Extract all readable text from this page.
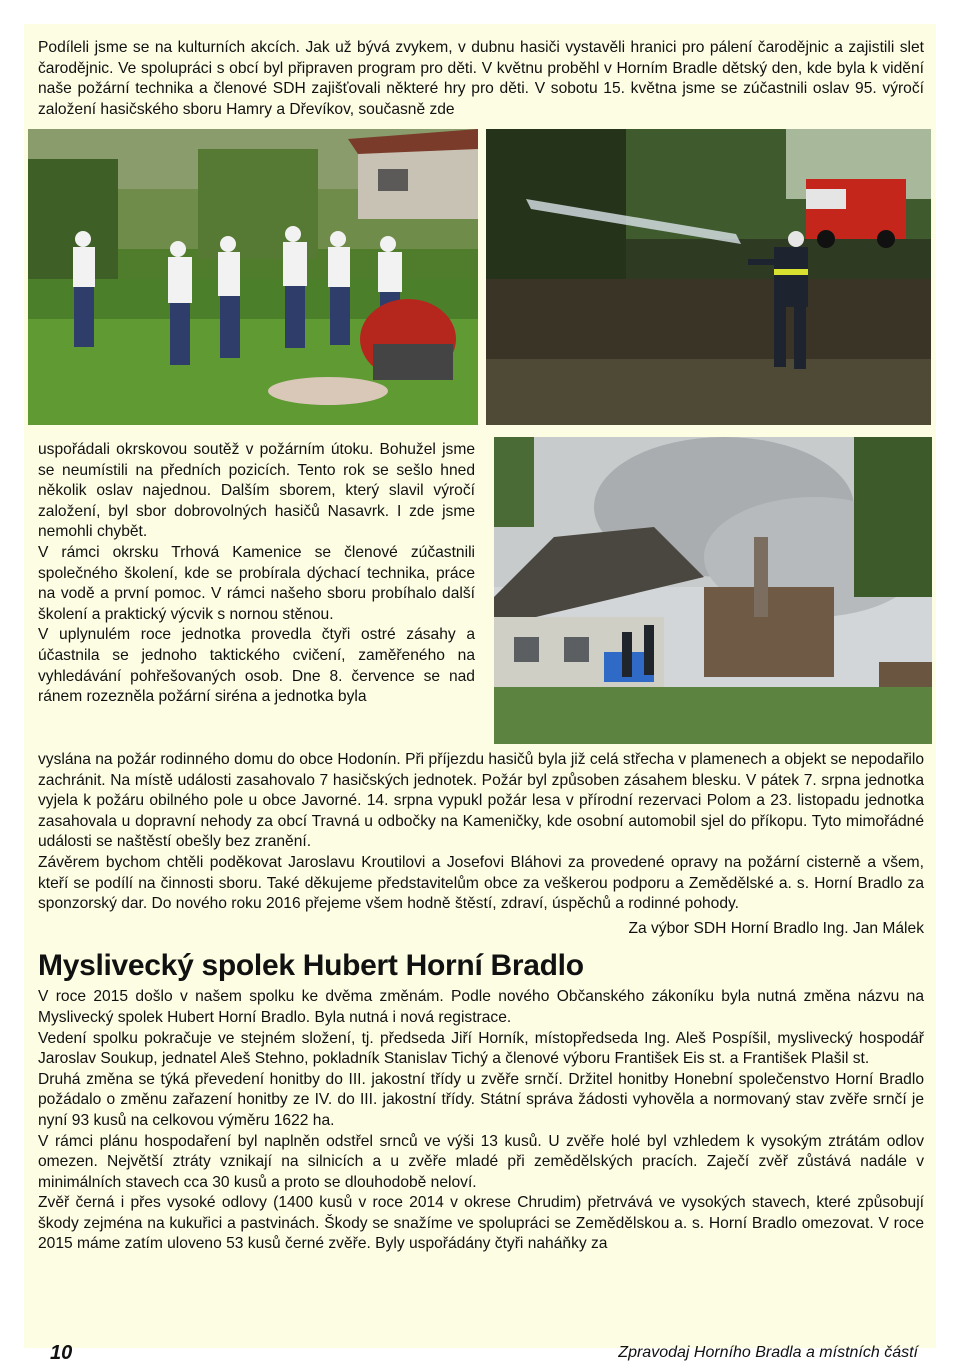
Podíleli jsme se na kulturních akcích. Jak už bývá zvykem, v dubnu hasiči vystavěli hranici pro pálení čarodějnic a zajistili slet čarodějnic. Ve spolupráci s obcí byl připraven program pro děti. V květnu proběhl v Horním Bradle dětský den, kde byla k vidění naše požární technika a členové SDH zajišťovali některé hry pro děti. V sobotu 15. května jsme se zúčastnili oslav 95. výročí založení hasičského sboru Hamry a Dřevíkov, současně zde

uspořádali okrskovou soutěž v požárním útoku. Bohužel jsme se neumístili na předních pozicích. Tento rok se sešlo hned několik oslav najednou. Dalším sborem, který slavil výročí založení, byl sbor dobrovolných hasičů Nasavrk. I zde jsme nemohli chybět.

V rámci okrsku Trhová Kamenice se členové zúčastnili společného školení, kde se probírala dýchací technika, práce na vodě a první pomoc. V rámci našeho sboru probíhalo další školení a praktický výcvik s nornou stěnou.

V uplynulém roce jednotka provedla čtyři ostré zásahy a účastnila se jednoho taktického cvičení, zaměřeného na vyhledávání pohřešovaných osob. Dne 8. července se nad ránem rozezněla požární siréna a jednotka byla

vyslána na požár rodinného domu do obce Hodonín. Při příjezdu hasičů byla již celá střecha v plamenech a objekt se nepodařilo zachránit. Na místě události zasahovalo 7 hasičských jednotek. Požár byl způsoben zásahem blesku. V pátek 7. srpna jednotka vyjela k požáru obilného pole u obce Javorné. 14. srpna vypukl požár lesa v přírodní rezervaci Polom a 23. listopadu jednotka zasahovala u dopravní nehody za obcí Travná u odbočky na Kameničky, kde osobní automobil sjel do příkopu. Tyto mimořádné události se naštěstí obešly bez zranění.

Závěrem bychom chtěli poděkovat Jaroslavu Kroutilovi a Josefovi Bláhovi za provedené opravy na požární cisterně a všem, kteří se podílí na činnosti sboru. Také děkujeme představitelům obce za veškerou podporu a Zemědělské a. s. Horní Bradlo za sponzorský dar. Do nového roku 2016 přejeme všem hodně štěstí, zdraví, úspěchů a rodinné pohody.

Za výbor SDH Horní Bradlo Ing. Jan Málek

Myslivecký spolek Hubert Horní Bradlo

V roce 2015 došlo v našem spolku ke dvěma změnám. Podle nového Občanského zákoníku byla nutná změna názvu na Myslivecký spolek Hubert Horní Bradlo. Byla nutná i nová registrace.

Vedení spolku pokračuje ve stejném složení, tj. předseda Jiří Horník, místopředseda Ing. Aleš Pospíšil, myslivecký hospodář Jaroslav Soukup, jednatel Aleš Stehno, pokladník Stanislav Tichý a členové výboru František Eis st. a František Plašil st.

Druhá změna se týká převedení honitby do III. jakostní třídy u zvěře srnčí. Držitel honitby Honební společenstvo Horní Bradlo požádalo o změnu zařazení honitby ze IV. do III. jakostní třídy. Státní správa žádosti vyhověla a normovaný stav zvěře srnčí je nyní 93 kusů na celkovou výměru 1622 ha.

V rámci plánu hospodaření byl naplněn odstřel srnců ve výši 13 kusů. U zvěře holé byl vzhledem k vysokým ztrátám odlov omezen. Největší ztráty vznikají na silnicích a u zvěře mladé při zemědělských pracích. Zaječí zvěř zůstává nadále v minimálních stavech cca 30 kusů a proto se dlouhodobě neloví.

Zvěř černá i přes vysoké odlovy (1400 kusů v roce 2014 v okrese Chrudim) přetrvává ve vysokých stavech, které způsobují škody zejména na kukuřici a pastvinách. Škody se snažíme ve spolupráci se Zemědělskou a. s. Horní Bradlo omezovat. V roce 2015 máme zatím uloveno 53 kusů černé zvěře. Byly uspořádány čtyři naháňky za

10	Zpravodaj Horního Bradla a místních částí
